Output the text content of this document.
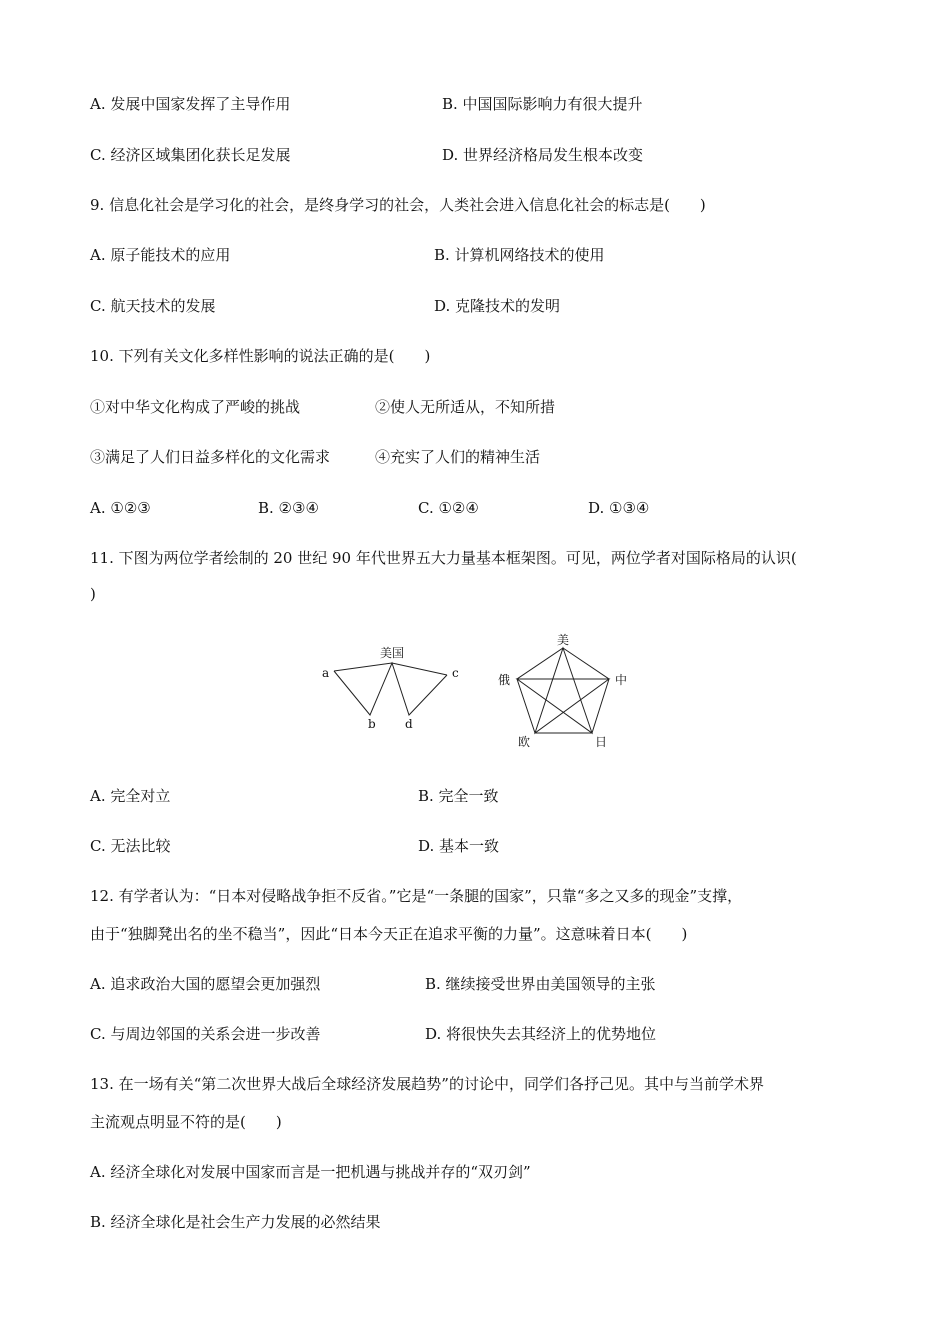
A. 发展中国家发挥了主导作用	B. 中国国际影响力有很大提升
C. 经济区域集团化获长足发展	D. 世界经济格局发生根本改变
9. 信息化社会是学习化的社会，是终身学习的社会，人类社会进入信息化社会的标志是(　　)
A. 原子能技术的应用	B. 计算机网络技术的使用
C. 航天技术的发展	D. 克隆技术的发明
10. 下列有关文化多样性影响的说法正确的是(　　)
①对中华文化构成了严峻的挑战	②使人无所适从，不知所措
③满足了人们日益多样化的文化需求	④充实了人们的精神生活
A. ①②③	B. ②③④	C. ①②④	D. ①③④
11. 下图为两位学者绘制的 20 世纪 90 年代世界五大力量基本框架图。可见，两位学者对国际格局的认识(
)
美国
a
b
c
d
美
俄	中
欧	日
A. 完全对立	B. 完全一致
C. 无法比较	D. 基本一致
12. 有学者认为：“日本对侵略战争拒不反省。”它是“一条腿的国家”，只靠“多之又多的现金”支撑，
由于“独脚凳出名的坐不稳当”，因此“日本今天正在追求平衡的力量”。这意味着日本(　　)
A. 追求政治大国的愿望会更加强烈	B. 继续接受世界由美国领导的主张
C. 与周边邻国的关系会进一步改善	D. 将很快失去其经济上的优势地位
13. 在一场有关“第二次世界大战后全球经济发展趋势”的讨论中，同学们各抒己见。其中与当前学术界
主流观点明显不符的是(　　)
A. 经济全球化对发展中国家而言是一把机遇与挑战并存的“双刃剑”
B. 经济全球化是社会生产力发展的必然结果
